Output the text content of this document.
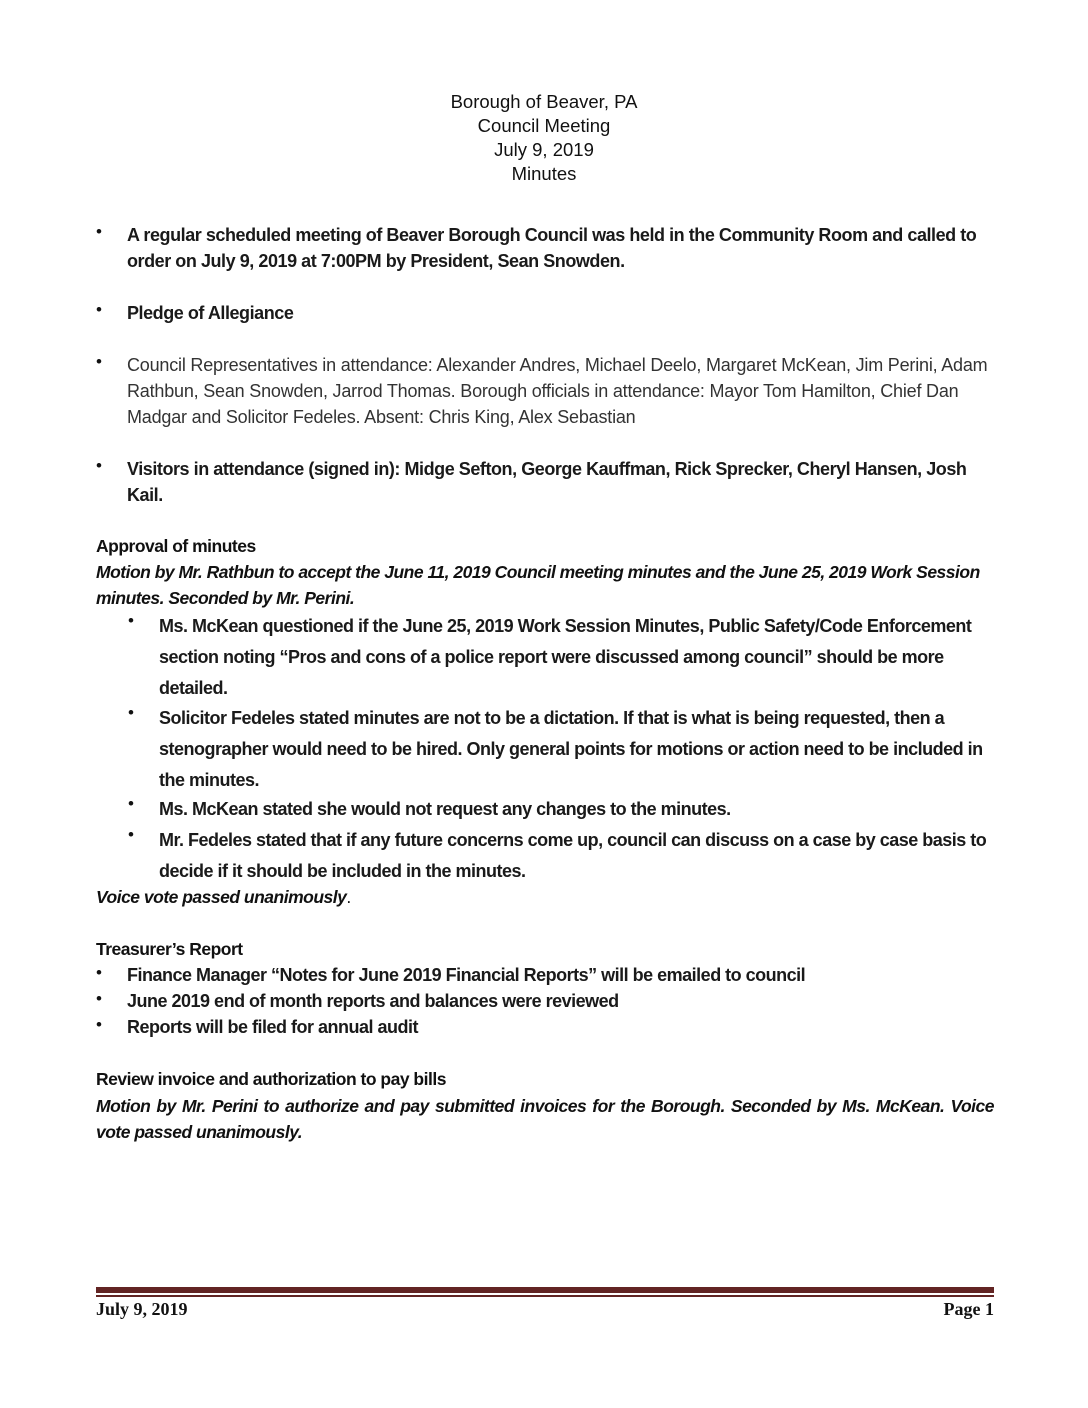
Borough of Beaver, PA
Council Meeting
July 9, 2019
Minutes
•	A regular scheduled meeting of Beaver Borough Council was held in the Community Room and called to order on July 9, 2019 at 7:00PM by President, Sean Snowden.
•	Pledge of Allegiance
•	Council Representatives in attendance: Alexander Andres, Michael Deelo, Margaret McKean, Jim Perini, Adam Rathbun, Sean Snowden, Jarrod Thomas. Borough officials in attendance: Mayor Tom Hamilton, Chief Dan Madgar and Solicitor Fedeles. Absent: Chris King, Alex Sebastian
•	Visitors in attendance (signed in): Midge Sefton, George Kauffman, Rick Sprecker, Cheryl Hansen, Josh Kail.
Approval of minutes
Motion by Mr. Rathbun to accept the June 11, 2019 Council meeting minutes and the June 25, 2019 Work Session minutes. Seconded by Mr. Perini.
• Ms. McKean questioned if the June 25, 2019 Work Session Minutes, Public Safety/Code Enforcement section noting “Pros and cons of a police report were discussed among council” should be more detailed.
• Solicitor Fedeles stated minutes are not to be a dictation. If that is what is being requested, then a stenographer would need to be hired. Only general points for motions or action need to be included in the minutes.
• Ms. McKean stated she would not request any changes to the minutes.
• Mr. Fedeles stated that if any future concerns come up, council can discuss on a case by case basis to decide if it should be included in the minutes.
Voice vote passed unanimously.
Treasurer’s Report
• Finance Manager “Notes for June 2019 Financial Reports” will be emailed to council
• June 2019 end of month reports and balances were reviewed
• Reports will be filed for annual audit
Review invoice and authorization to pay bills
Motion by Mr. Perini to authorize and pay submitted invoices for the Borough. Seconded by Ms. McKean. Voice vote passed unanimously.
July 9, 2019	Page 1
